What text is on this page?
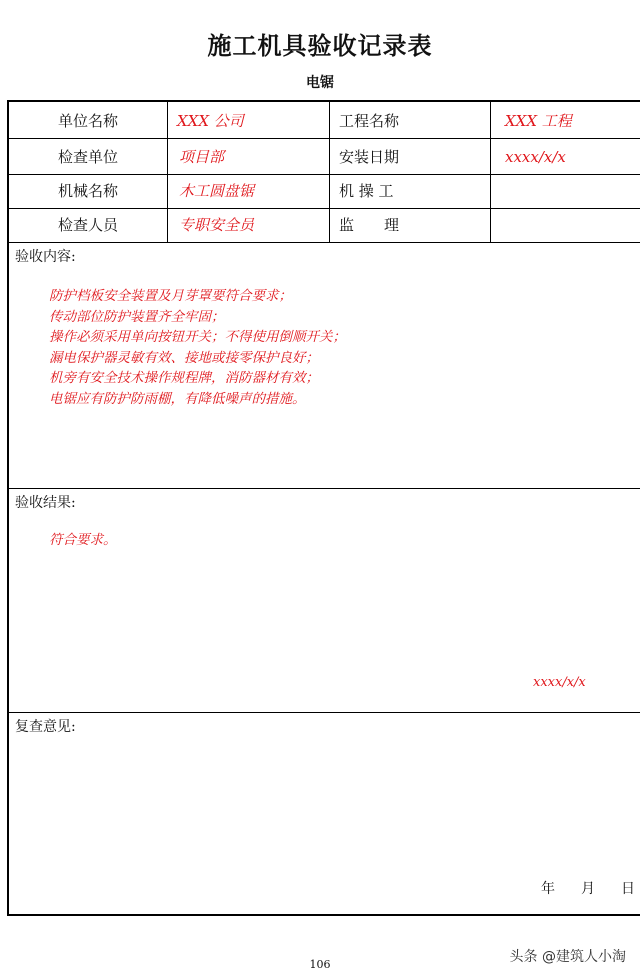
施工机具验收记录表
电锯
单位名称	XXX 公司	工程名称	XXX 工程
检查单位	项目部	安装日期	xxxx/x/x
机械名称	木工圆盘锯	机 操 工
检查人员	专职安全员	监　　理
验收内容:
防护档板安全装置及月芽罩要符合要求；
传动部位防护装置齐全牢固；
操作必须采用单向按钮开关；不得使用倒顺开关；
漏电保护器灵敏有效、接地或接零保护良好；
机旁有安全技术操作规程牌，消防器材有效；
电锯应有防护防雨棚，有降低噪声的措施。
验收结果:
符合要求。
xxxx/x/x
复查意见:
年 月 日
106	头条 @建筑人小淘
